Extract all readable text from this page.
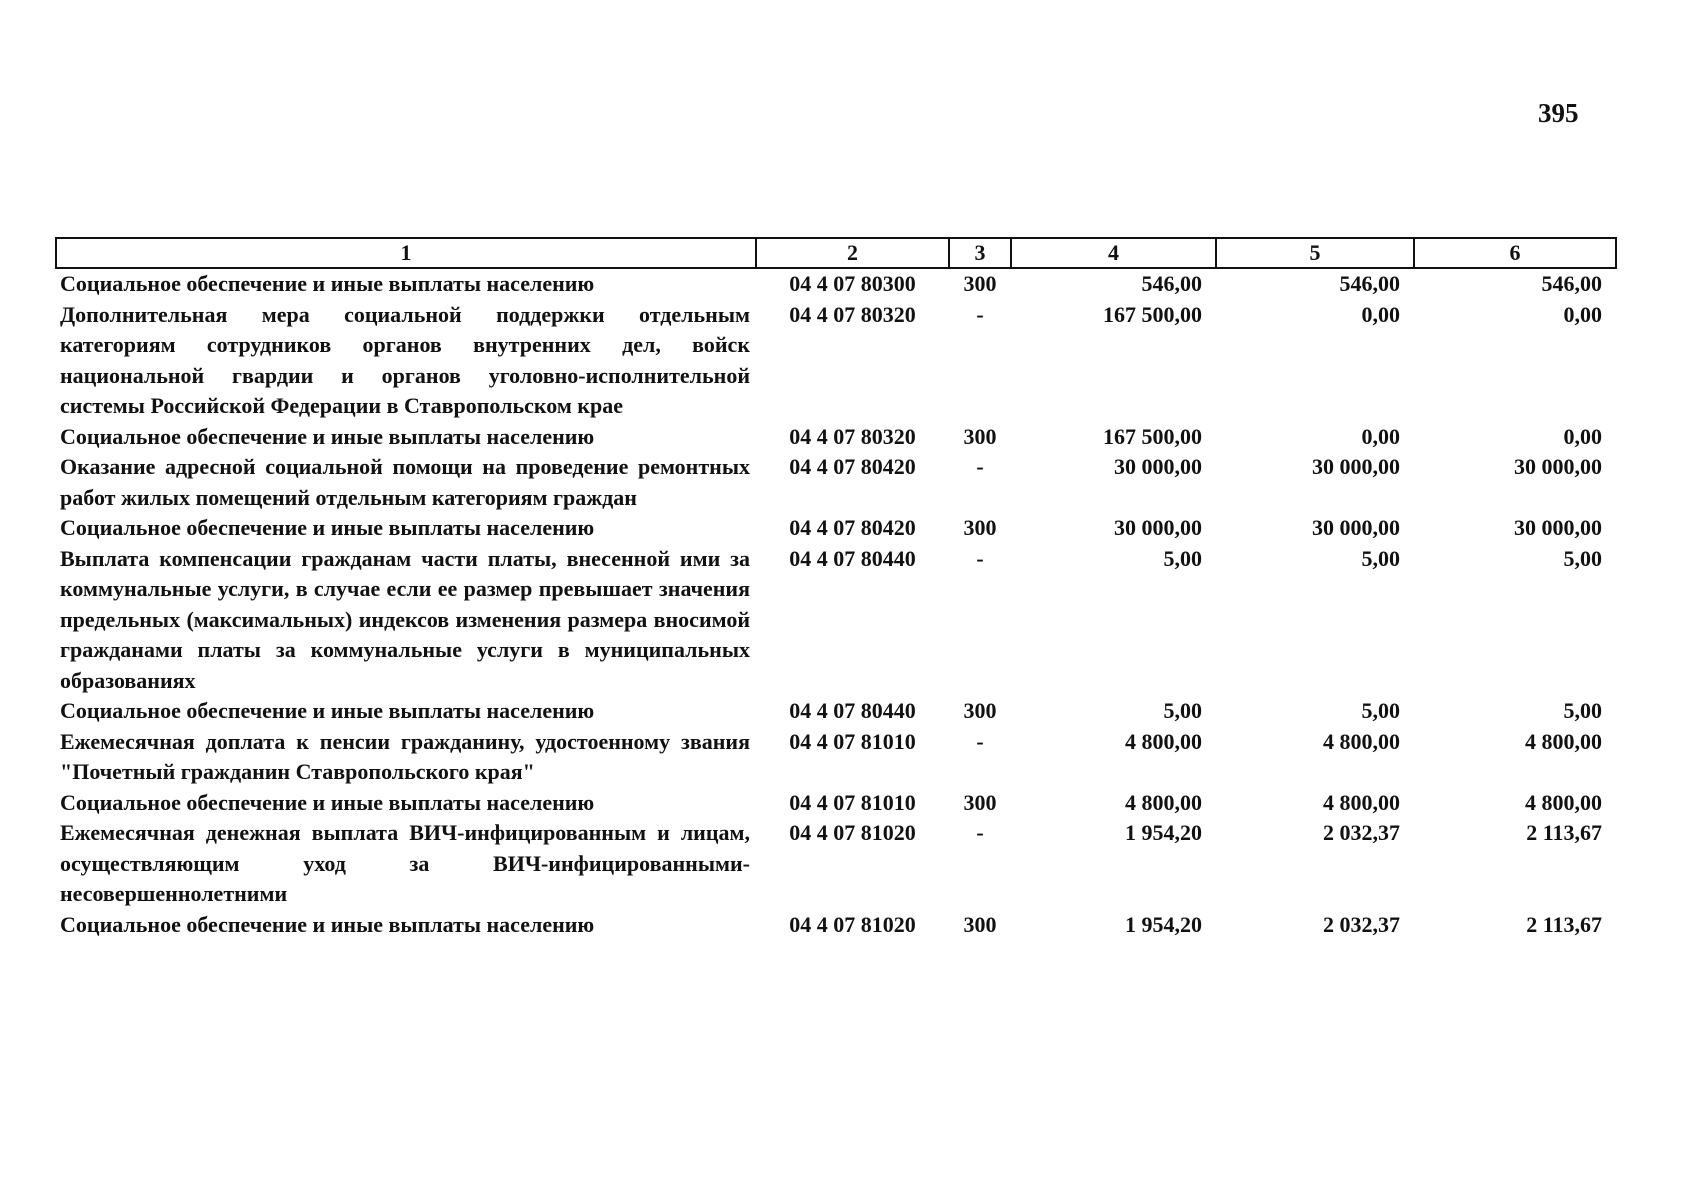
395
1	2	3	4	5	6
Социальное обеспечение и иные выплаты населению	04 4 07 80300	300	546,00	546,00	546,00
Дополнительная мера социальной поддержки отдельным категориям сотрудников органов внутренних дел, войск национальной гвардии и органов уголовно-исполнительной системы Российской Федерации в Ставропольском крае	04 4 07 80320	-	167 500,00	0,00	0,00
Социальное обеспечение и иные выплаты населению	04 4 07 80320	300	167 500,00	0,00	0,00
Оказание адресной социальной помощи на проведение ремонтных работ жилых помещений отдельным категориям граждан	04 4 07 80420	-	30 000,00	30 000,00	30 000,00
Социальное обеспечение и иные выплаты населению	04 4 07 80420	300	30 000,00	30 000,00	30 000,00
Выплата компенсации гражданам части платы, внесенной ими за коммунальные услуги, в случае если ее размер превышает значения предельных (максимальных) индексов изменения размера вносимой гражданами платы за коммунальные услуги в муниципальных образованиях	04 4 07 80440	-	5,00	5,00	5,00
Социальное обеспечение и иные выплаты населению	04 4 07 80440	300	5,00	5,00	5,00
Ежемесячная доплата к пенсии гражданину, удостоенному звания "Почетный гражданин Ставропольского края"	04 4 07 81010	-	4 800,00	4 800,00	4 800,00
Социальное обеспечение и иные выплаты населению	04 4 07 81010	300	4 800,00	4 800,00	4 800,00
Ежемесячная денежная выплата ВИЧ-инфицированным и лицам, осуществляющим уход за ВИЧ-инфицированными-несовершеннолетними	04 4 07 81020	-	1 954,20	2 032,37	2 113,67
Социальное обеспечение и иные выплаты населению	04 4 07 81020	300	1 954,20	2 032,37	2 113,67
